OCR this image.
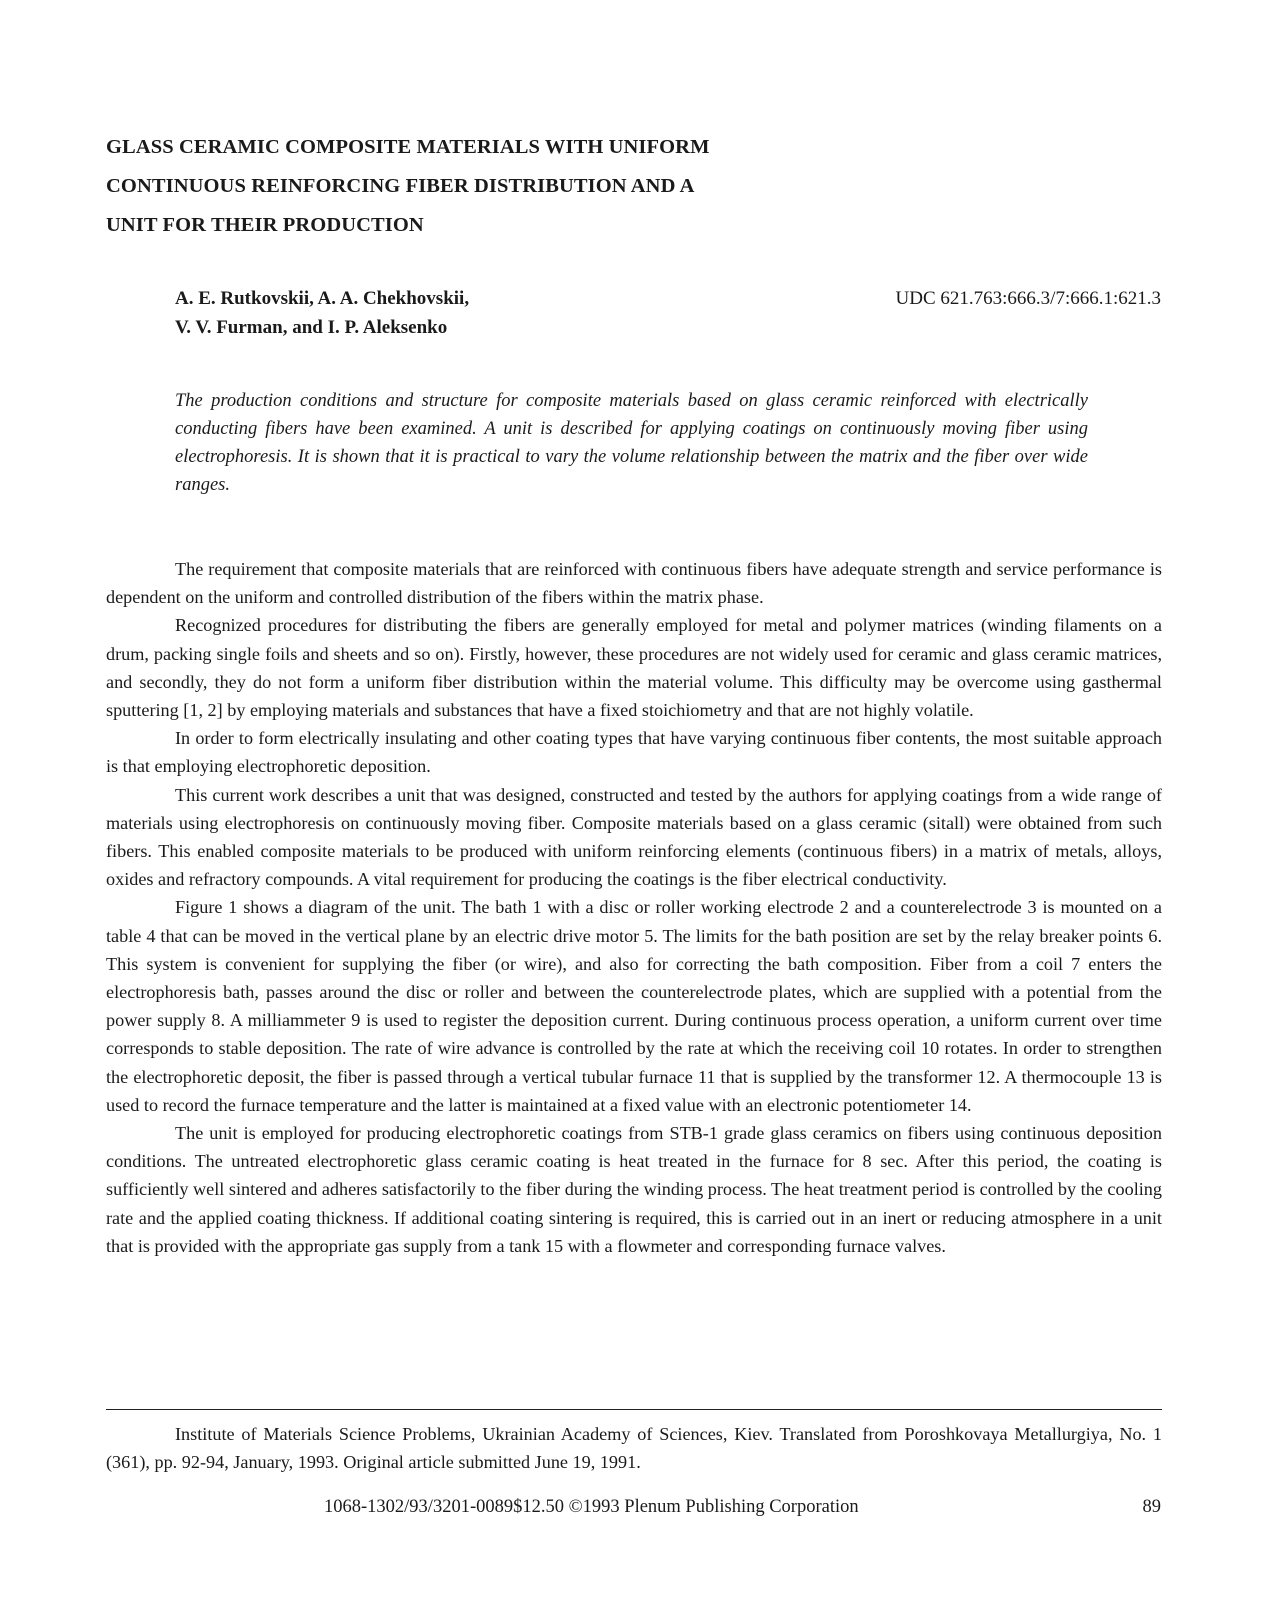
GLASS CERAMIC COMPOSITE MATERIALS WITH UNIFORM
CONTINUOUS REINFORCING FIBER DISTRIBUTION AND A
UNIT FOR THEIR PRODUCTION
A. E. Rutkovskii, A. A. Chekhovskii,
V. V. Furman, and I. P. Aleksenko
UDC 621.763:666.3/7:666.1:621.3

The production conditions and structure for composite materials based on glass ceramic reinforced with electrically conducting fibers have been examined. A unit is described for applying coatings on continuously moving fiber using electrophoresis. It is shown that it is practical to vary the volume relationship between the matrix and the fiber over wide ranges.

The requirement that composite materials that are reinforced with continuous fibers have adequate strength and service performance is dependent on the uniform and controlled distribution of the fibers within the matrix phase.

Recognized procedures for distributing the fibers are generally employed for metal and polymer matrices (winding filaments on a drum, packing single foils and sheets and so on). Firstly, however, these procedures are not widely used for ceramic and glass ceramic matrices, and secondly, they do not form a uniform fiber distribution within the material volume. This difficulty may be overcome using gasthermal sputtering [1, 2] by employing materials and substances that have a fixed stoichiometry and that are not highly volatile.

In order to form electrically insulating and other coating types that have varying continuous fiber contents, the most suitable approach is that employing electrophoretic deposition.

This current work describes a unit that was designed, constructed and tested by the authors for applying coatings from a wide range of materials using electrophoresis on continuously moving fiber. Composite materials based on a glass ceramic (sitall) were obtained from such fibers. This enabled composite materials to be produced with uniform reinforcing elements (continuous fibers) in a matrix of metals, alloys, oxides and refractory compounds. A vital requirement for producing the coatings is the fiber electrical conductivity.

Figure 1 shows a diagram of the unit. The bath 1 with a disc or roller working electrode 2 and a counterelectrode 3 is mounted on a table 4 that can be moved in the vertical plane by an electric drive motor 5. The limits for the bath position are set by the relay breaker points 6. This system is convenient for supplying the fiber (or wire), and also for correcting the bath composition. Fiber from a coil 7 enters the electrophoresis bath, passes around the disc or roller and between the counterelectrode plates, which are supplied with a potential from the power supply 8. A milliammeter 9 is used to register the deposition current. During continuous process operation, a uniform current over time corresponds to stable deposition. The rate of wire advance is controlled by the rate at which the receiving coil 10 rotates. In order to strengthen the electrophoretic deposit, the fiber is passed through a vertical tubular furnace 11 that is supplied by the transformer 12. A thermocouple 13 is used to record the furnace temperature and the latter is maintained at a fixed value with an electronic potentiometer 14.

The unit is employed for producing electrophoretic coatings from STB-1 grade glass ceramics on fibers using continuous deposition conditions. The untreated electrophoretic glass ceramic coating is heat treated in the furnace for 8 sec. After this period, the coating is sufficiently well sintered and adheres satisfactorily to the fiber during the winding process. The heat treatment period is controlled by the cooling rate and the applied coating thickness. If additional coating sintering is required, this is carried out in an inert or reducing atmosphere in a unit that is provided with the appropriate gas supply from a tank 15 with a flowmeter and corresponding furnace valves.

Institute of Materials Science Problems, Ukrainian Academy of Sciences, Kiev. Translated from Poroshkovaya Metallurgiya, No. 1 (361), pp. 92-94, January, 1993. Original article submitted June 19, 1991.

1068-1302/93/3201-0089$12.50 ©1993 Plenum Publishing Corporation	89
